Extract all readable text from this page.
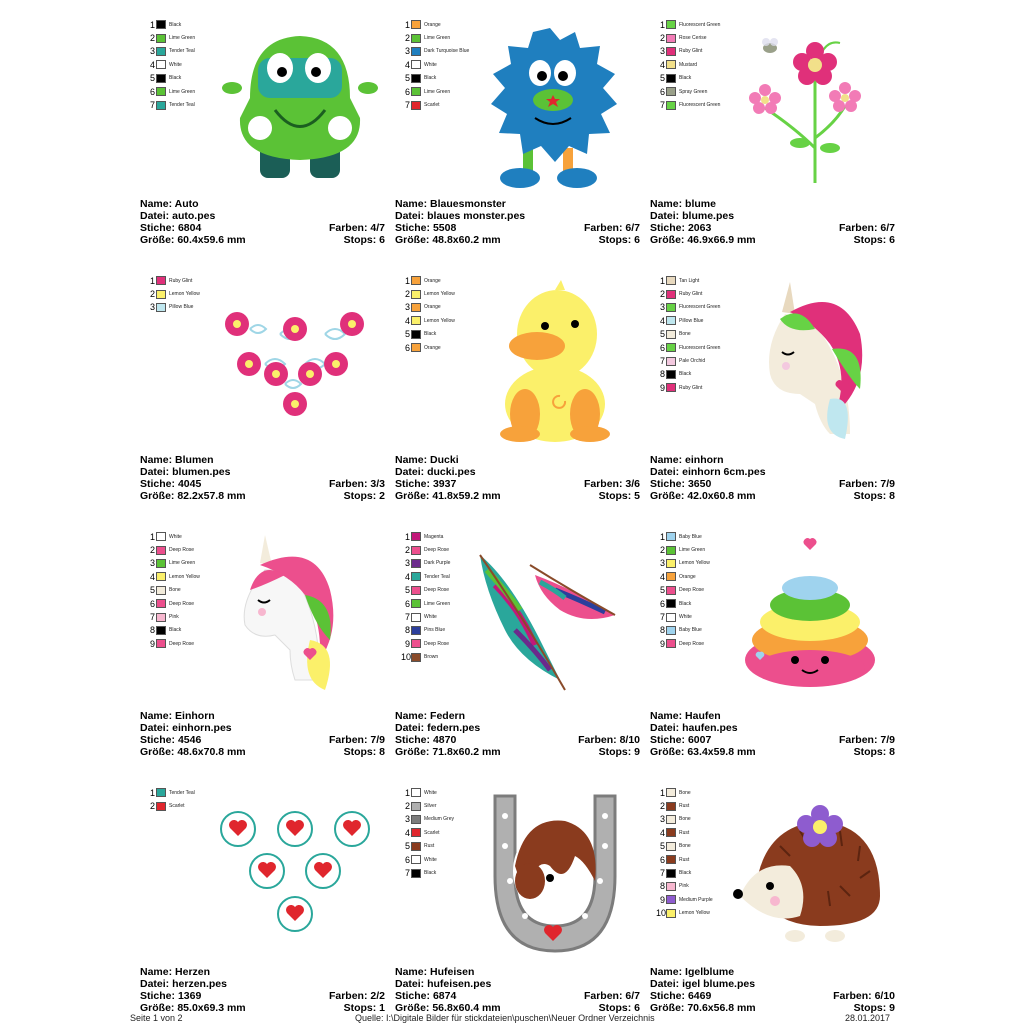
1	Black
2	Lime Green
3	Tender Teal
4	White
5	Black
6	Lime Green
7	Tender Teal
Name: Auto
Datei: auto.pes
Stiche: 6804	Farben: 4/7
Größe: 60.4x59.6 mm	Stops: 6
1	Orange
2	Lime Green
3	Dark Turquoise Blue
4	White
5	Black
6	Lime Green
7	Scarlet
Name: Blauesmonster
Datei: blaues monster.pes
Stiche: 5508	Farben: 6/7
Größe: 48.8x60.2 mm	Stops: 6
1	Fluorescent Green
2	Rose Cerise
3	Ruby Glint
4	Mustard
5	Black
6	Spray Green
7	Fluorescent Green
Name: blume
Datei: blume.pes
Stiche: 2063	Farben: 6/7
Größe: 46.9x66.9 mm	Stops: 6
1	Ruby Glint
2	Lemon Yellow
3	Pillow Blue
Name: Blumen
Datei: blumen.pes
Stiche: 4045	Farben: 3/3
Größe: 82.2x57.8 mm	Stops: 2
1	Orange
2	Lemon Yellow
3	Orange
4	Lemon Yellow
5	Black
6	Orange
Name: Ducki
Datei: ducki.pes
Stiche: 3937	Farben: 3/6
Größe: 41.8x59.2 mm	Stops: 5
1	Tan Light
2	Ruby Glint
3	Fluorescent Green
4	Pillow Blue
5	Bone
6	Fluorescent Green
7	Pale Orchid
8	Black
9	Ruby Glint
Name: einhorn
Datei: einhorn 6cm.pes
Stiche: 3650	Farben: 7/9
Größe: 42.0x60.8 mm	Stops: 8
1	White
2	Deep Rose
3	Lime Green
4	Lemon Yellow
5	Bone
6	Deep Rose
7	Pink
8	Black
9	Deep Rose
Name: Einhorn
Datei: einhorn.pes
Stiche: 4546	Farben: 7/9
Größe: 48.6x70.8 mm	Stops: 8
1	Magenta
2	Deep Rose
3	Dark Purple
4	Tender Teal
5	Deep Rose
6	Lime Green
7	White
8	Pins Blue
9	Deep Rose
10	Brown
Name: Federn
Datei: federn.pes
Stiche: 4870	Farben: 8/10
Größe: 71.8x60.2 mm	Stops: 9
1	Baby Blue
2	Lime Green
3	Lemon Yellow
4	Orange
5	Deep Rose
6	Black
7	White
8	Baby Blue
9	Deep Rose
Name: Haufen
Datei: haufen.pes
Stiche: 6007	Farben: 7/9
Größe: 63.4x59.8 mm	Stops: 8
1	Tender Teal
2	Scarlet
Name: Herzen
Datei: herzen.pes
Stiche: 1369	Farben: 2/2
Größe: 85.0x69.3 mm	Stops: 1
1	White
2	Silver
3	Medium Grey
4	Scarlet
5	Rust
6	White
7	Black
Name: Hufeisen
Datei: hufeisen.pes
Stiche: 6874	Farben: 6/7
Größe: 56.8x60.4 mm	Stops: 6
1	Bone
2	Rust
3	Bone
4	Rust
5	Bone
6	Rust
7	Black
8	Pink
9	Medium Purple
10	Lemon Yellow
Name: Igelblume
Datei: igel blume.pes
Stiche: 6469	Farben: 6/10
Größe: 70.6x56.8 mm	Stops: 9
Seite 1 von 2	Quelle: I:\Digitale Bilder für stickdateien\puschen\Neuer Ordner Verzeichnis	28.01.2017
